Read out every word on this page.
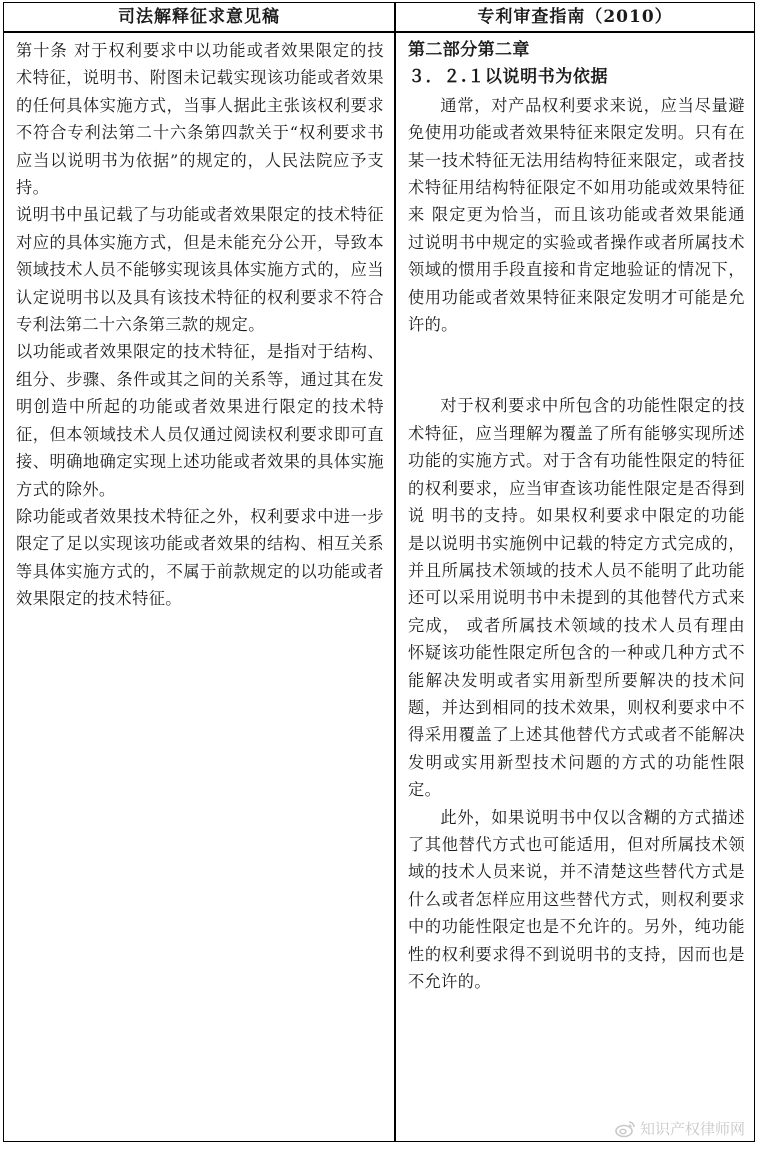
司法解释征求意见稿	专利审查指南（2010）

第十条 对于权利要求中以功能或者效果限定的技术特征，说明书、附图未记载实现该功能或者效果的任何具体实施方式，当事人据此主张该权利要求不符合专利法第二十六条第四款关于“权利要求书应当以说明书为依据”的规定的，人民法院应予支持。

说明书中虽记载了与功能或者效果限定的技术特征对应的具体实施方式，但是未能充分公开，导致本领域技术人员不能够实现该具体实施方式的，应当认定说明书以及具有该技术特征的权利要求不符合专利法第二十六条第三款的规定。

以功能或者效果限定的技术特征，是指对于结构、组分、步骤、条件或其之间的关系等，通过其在发明创造中所起的功能或者效果进行限定的技术特征，但本领域技术人员仅通过阅读权利要求即可直接、明确地确定实现上述功能或者效果的具体实施方式的除外。

除功能或者效果技术特征之外，权利要求中进一步限定了足以实现该功能或者效果的结构、相互关系等具体实施方式的，不属于前款规定的以功能或者效果限定的技术特征。

第二部分第二章

３．２.１以说明书为依据

通常，对产品权利要求来说，应当尽量避免使用功能或者效果特征来限定发明。只有在某一技术特征无法用结构特征来限定，或者技术特征用结构特征限定不如用功能或效果特征来 限定更为恰当，而且该功能或者效果能通过说明书中规定的实验或者操作或者所属技术领域的惯用手段直接和肯定地验证的情况下，使用功能或者效果特征来限定发明才可能是允许的。

对于权利要求中所包含的功能性限定的技术特征，应当理解为覆盖了所有能够实现所述功能的实施方式。对于含有功能性限定的特征的权利要求，应当审查该功能性限定是否得到说 明书的支持。如果权利要求中限定的功能是以说明书实施例中记载的特定方式完成的，并且所属技术领域的技术人员不能明了此功能还可以采用说明书中未提到的其他替代方式来完成， 或者所属技术领域的技术人员有理由怀疑该功能性限定所包含的一种或几种方式不能解决发明或者实用新型所要解决的技术问题，并达到相同的技术效果，则权利要求中不得采用覆盖了上述其他替代方式或者不能解决发明或实用新型技术问题的方式的功能性限定。

此外，如果说明书中仅以含糊的方式描述了其他替代方式也可能适用，但对所属技术领域的技术人员来说，并不清楚这些替代方式是什么或者怎样应用这些替代方式，则权利要求中的功能性限定也是不允许的。另外，纯功能性的权利要求得不到说明书的支持，因而也是不允许的。

知识产权律师网
